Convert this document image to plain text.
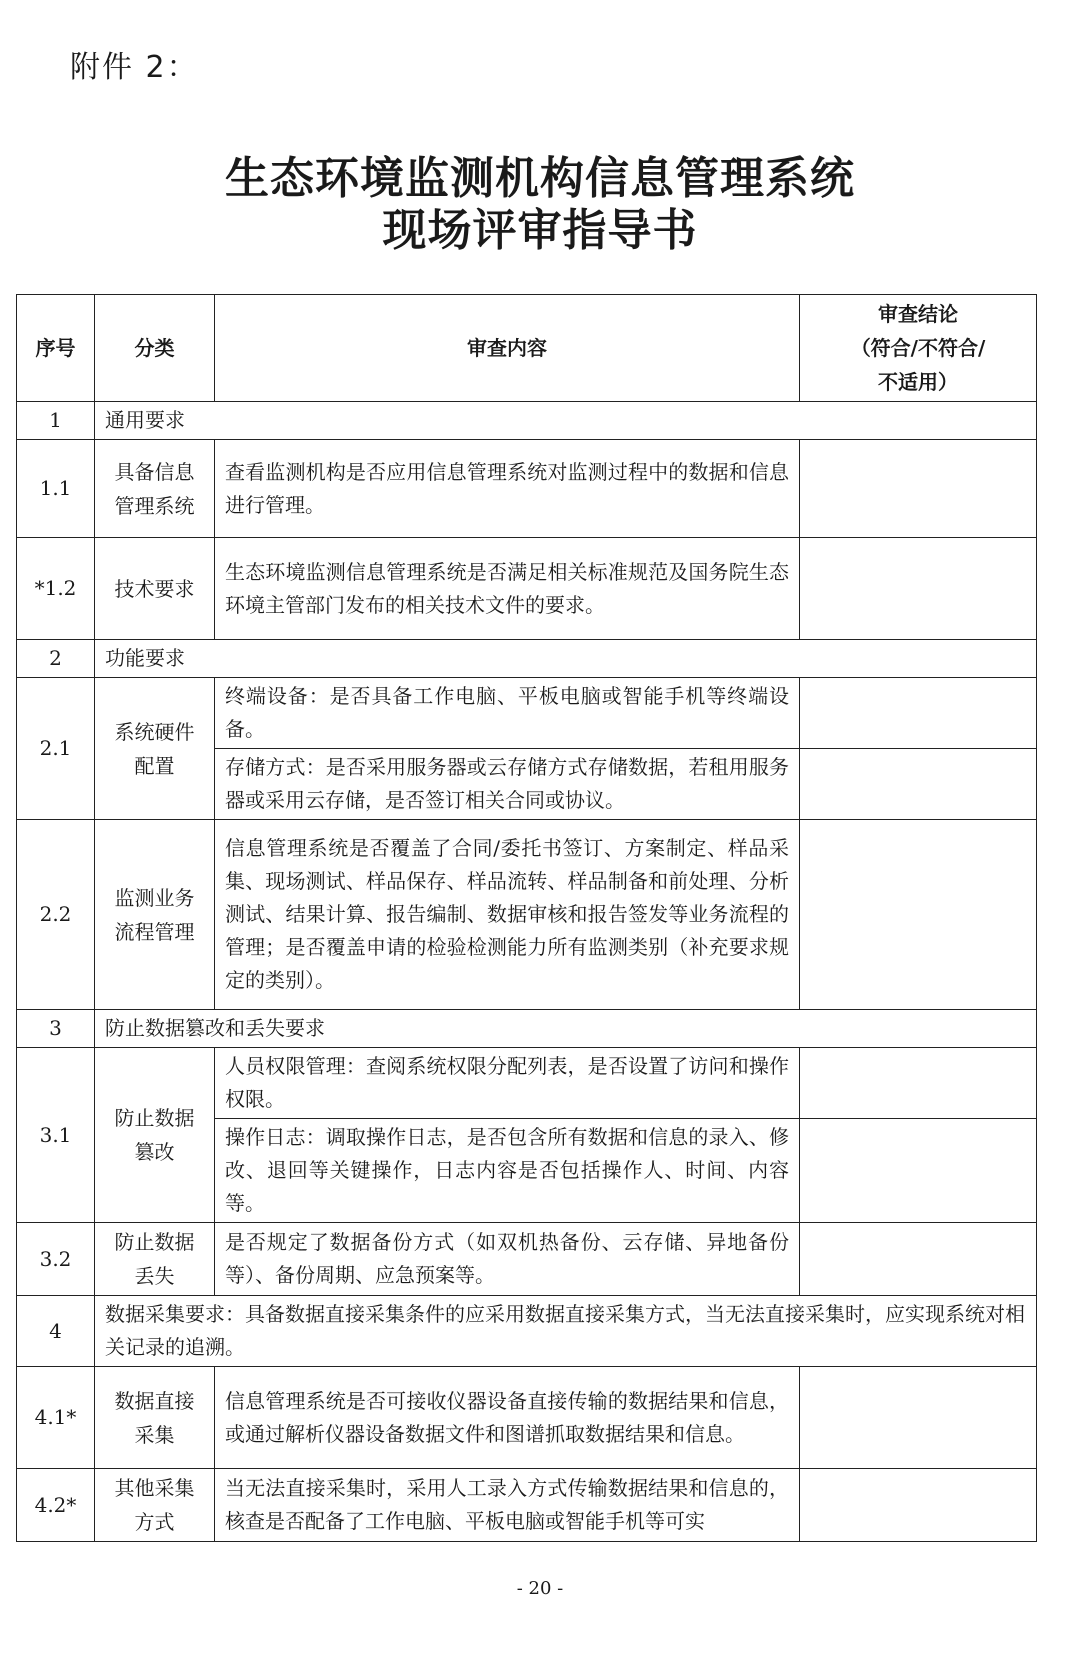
附件 2：
生态环境监测机构信息管理系统
现场评审指导书
序号	分类	审查内容	审查结论
（符合/不符合/
不适用）
1	通用要求		
1.1	具备信息
管理系统	查看监测机构是否应用信息管理系统对监测过程中的数据和信息进行管理。	
*1.2	技术要求	生态环境监测信息管理系统是否满足相关标准规范及国务院生态环境主管部门发布的相关技术文件的要求。	
2	功能要求		
2.1	系统硬件
配置	终端设备：是否具备工作电脑、平板电脑或智能手机等终端设备。	
		存储方式：是否采用服务器或云存储方式存储数据，若租用服务器或采用云存储，是否签订相关合同或协议。	
2.2	监测业务
流程管理	信息管理系统是否覆盖了合同/委托书签订、方案制定、样品采集、现场测试、样品保存、样品流转、样品制备和前处理、分析测试、结果计算、报告编制、数据审核和报告签发等业务流程的管理；是否覆盖申请的检验检测能力所有监测类别（补充要求规定的类别）。	
3	防止数据篡改和丢失要求		
3.1	防止数据
篡改	人员权限管理：查阅系统权限分配列表，是否设置了访问和操作权限。	
		操作日志：调取操作日志，是否包含所有数据和信息的录入、修改、退回等关键操作，日志内容是否包括操作人、时间、内容等。	
3.2	防止数据
丢失	是否规定了数据备份方式（如双机热备份、云存储、异地备份等）、备份周期、应急预案等。	
4	数据采集要求：具备数据直接采集条件的应采用数据直接采集方式，当无法直接采集时，应实现系统对相关记录的追溯。		
4.1*	数据直接
采集	信息管理系统是否可接收仪器设备直接传输的数据结果和信息，或通过解析仪器设备数据文件和图谱抓取数据结果和信息。	
4.2*	其他采集
方式	当无法直接采集时，采用人工录入方式传输数据结果和信息的，核查是否配备了工作电脑、平板电脑或智能手机等可实	
- 20 -
